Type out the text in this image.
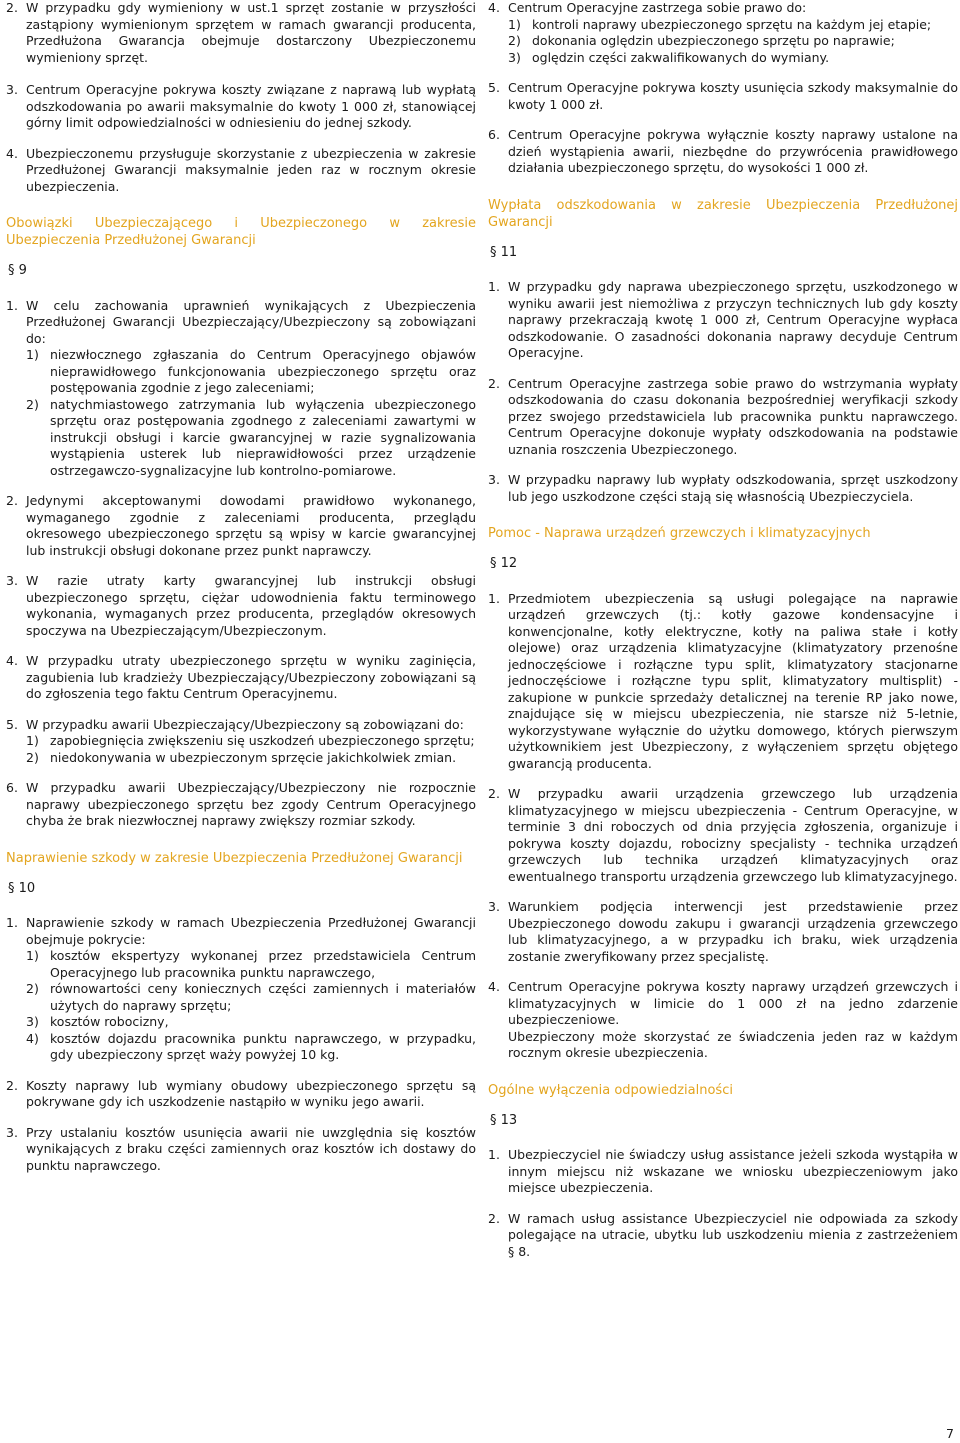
2. W przypadku gdy wymieniony w ust.1 sprzęt zostanie w przyszłości zastąpiony wymienionym sprzętem w ramach gwarancji producenta, Przedłużona Gwarancja obejmuje dostarczony Ubezpieczonemu wymieniony sprzęt.
3. Centrum Operacyjne pokrywa koszty związane z naprawą lub wypłatą odszkodowania po awarii maksymalnie do kwoty 1 000 zł, stanowiącej górny limit odpowiedzialności w odniesieniu do jednej szkody.
4. Ubezpieczonemu przysługuje skorzystanie z ubezpieczenia w zakresie Przedłużonej Gwarancji maksymalnie jeden raz w rocznym okresie ubezpieczenia.
Obowiązki Ubezpieczającego i Ubezpieczonego w zakresie Ubezpieczenia Przedłużonej Gwarancji
§ 9
1. W celu zachowania uprawnień wynikających z Ubezpieczenia Przedłużonej Gwarancji Ubezpieczający/Ubezpieczony są zobowiązani do:

1) niezwłocznego zgłaszania do Centrum Operacyjnego objawów nieprawidłowego funkcjonowania ubezpieczonego sprzętu oraz postępowania zgodnie z jego zaleceniami;
2) natychmiastowego zatrzymania lub wyłączenia ubezpieczonego sprzętu oraz postępowania zgodnego z zaleceniami zawartymi w instrukcji obsługi i karcie gwarancyjnej w razie sygnalizowania wystąpienia usterek lub nieprawidłowości przez urządzenie ostrzegawczo-sygnalizacyjne lub kontrolno-pomiarowe.
2. Jedynymi akceptowanymi dowodami prawidłowo wykonanego, wymaganego zgodnie z zaleceniami producenta, przeglądu okresowego ubezpieczonego sprzętu są wpisy w karcie gwarancyjnej lub instrukcji obsługi dokonane przez punkt naprawczy.
3. W razie utraty karty gwarancyjnej lub instrukcji obsługi ubezpieczonego sprzętu, ciężar udowodnienia faktu terminowego wykonania, wymaganych przez producenta, przeglądów okresowych spoczywa na Ubezpieczającym/Ubezpieczonym.
4. W przypadku utraty ubezpieczonego sprzętu w wyniku zaginięcia, zagubienia lub kradzieży Ubezpieczający/Ubezpieczony zobowiązani są do zgłoszenia tego faktu Centrum Operacyjnemu.
5. W przypadku awarii Ubezpieczający/Ubezpieczony są zobowiązani do:

1) zapobiegnięcia zwiększeniu się uszkodzeń ubezpieczonego sprzętu;
2) niedokonywania w ubezpieczonym sprzęcie jakichkolwiek zmian.
6. W przypadku awarii Ubezpieczający/Ubezpieczony nie rozpocznie naprawy ubezpieczonego sprzętu bez zgody Centrum Operacyjnego chyba że brak niezwłocznej naprawy zwiększy rozmiar szkody.
Naprawienie szkody w zakresie Ubezpieczenia Przedłużonej Gwarancji
§ 10
1. Naprawienie szkody w ramach Ubezpieczenia Przedłużonej Gwarancji obejmuje pokrycie:

1) kosztów ekspertyzy wykonanej przez przedstawiciela Centrum Operacyjnego lub pracownika punktu naprawczego,
2) równowartości ceny koniecznych części zamiennych i materiałów użytych do naprawy sprzętu;
3) kosztów robocizny,
4) kosztów dojazdu pracownika punktu naprawczego, w przypadku, gdy ubezpieczony sprzęt waży powyżej 10 kg.
2. Koszty naprawy lub wymiany obudowy ubezpieczonego sprzętu są pokrywane gdy ich uszkodzenie nastąpiło w wyniku jego awarii.
3. Przy ustalaniu kosztów usunięcia awarii nie uwzględnia się kosztów wynikających z braku części zamiennych oraz kosztów ich dostawy do punktu naprawczego.
4. Centrum Operacyjne zastrzega sobie prawo do:

1) kontroli naprawy ubezpieczonego sprzętu na każdym jej etapie;
2) dokonania oględzin ubezpieczonego sprzętu po naprawie;
3) oględzin części zakwalifikowanych do wymiany.
5. Centrum Operacyjne pokrywa koszty usunięcia szkody maksymalnie do kwoty 1 000 zł.
6. Centrum Operacyjne pokrywa wyłącznie koszty naprawy ustalone na dzień wystąpienia awarii, niezbędne do przywrócenia prawidłowego działania ubezpieczonego sprzętu, do wysokości 1 000 zł.
Wypłata odszkodowania w zakresie Ubezpieczenia Przedłużonej Gwarancji
§ 11
1. W przypadku gdy naprawa ubezpieczonego sprzętu, uszkodzonego w wyniku awarii jest niemożliwa z przyczyn technicznych lub gdy koszty naprawy przekraczają kwotę 1 000 zł, Centrum Operacyjne wypłaca odszkodowanie. O zasadności dokonania naprawy decyduje Centrum Operacyjne.
2. Centrum Operacyjne zastrzega sobie prawo do wstrzymania wypłaty odszkodowania do czasu dokonania bezpośredniej weryfikacji szkody przez swojego przedstawiciela lub pracownika punktu naprawczego. Centrum Operacyjne dokonuje wypłaty odszkodowania na podstawie uznania roszczenia Ubezpieczonego.
3. W przypadku naprawy lub wypłaty odszkodowania, sprzęt uszkodzony lub jego uszkodzone części stają się własnością Ubezpieczyciela.
Pomoc - Naprawa urządzeń grzewczych i klimatyzacyjnych
§ 12
1. Przedmiotem ubezpieczenia są usługi polegające na naprawie urządzeń grzewczych (tj.: kotły gazowe kondensacyjne i konwencjonalne, kotły elektryczne, kotły na paliwa stałe i kotły olejowe) oraz urządzenia klimatyzacyjne (klimatyzatory przenośne jednoczęściowe i rozłączne typu split, klimatyzatory stacjonarne jednoczęściowe i rozłączne typu split, klimatyzatory multisplit) - zakupione w punkcie sprzedaży detalicznej na terenie RP jako nowe, znajdujące się w miejscu ubezpieczenia, nie starsze niż 5-letnie, wykorzystywane wyłącznie do użytku domowego, których pierwszym użytkownikiem jest Ubezpieczony, z wyłączeniem sprzętu objętego gwarancją producenta.
2. W przypadku awarii urządzenia grzewczego lub urządzenia klimatyzacyjnego w miejscu ubezpieczenia - Centrum Operacyjne, w terminie 3 dni roboczych od dnia przyjęcia zgłoszenia, organizuje i pokrywa koszty dojazdu, robocizny specjalisty - technika urządzeń grzewczych lub technika urządzeń klimatyzacyjnych oraz ewentualnego transportu urządzenia grzewczego lub klimatyzacyjnego.
3. Warunkiem podjęcia interwencji jest przedstawienie przez Ubezpieczonego dowodu zakupu i gwarancji urządzenia grzewczego lub klimatyzacyjnego, a w przypadku ich braku, wiek urządzenia zostanie zweryfikowany przez specjalistę.
4. Centrum Operacyjne pokrywa koszty naprawy urządzeń grzewczych i klimatyzacyjnych w limicie do 1 000 zł na jedno zdarzenie ubezpieczeniowe.

Ubezpieczony może skorzystać ze świadczenia jeden raz w każdym rocznym okresie ubezpieczenia.

Ogólne wyłączenia odpowiedzialności
§ 13
1. Ubezpieczyciel nie świadczy usług assistance jeżeli szkoda wystąpiła w innym miejscu niż wskazane we wniosku ubezpieczeniowym jako miejsce ubezpieczenia.
2. W ramach usług assistance Ubezpieczyciel nie odpowiada za szkody polegające na utracie, ubytku lub uszkodzeniu mienia z zastrzeżeniem § 8.
7
